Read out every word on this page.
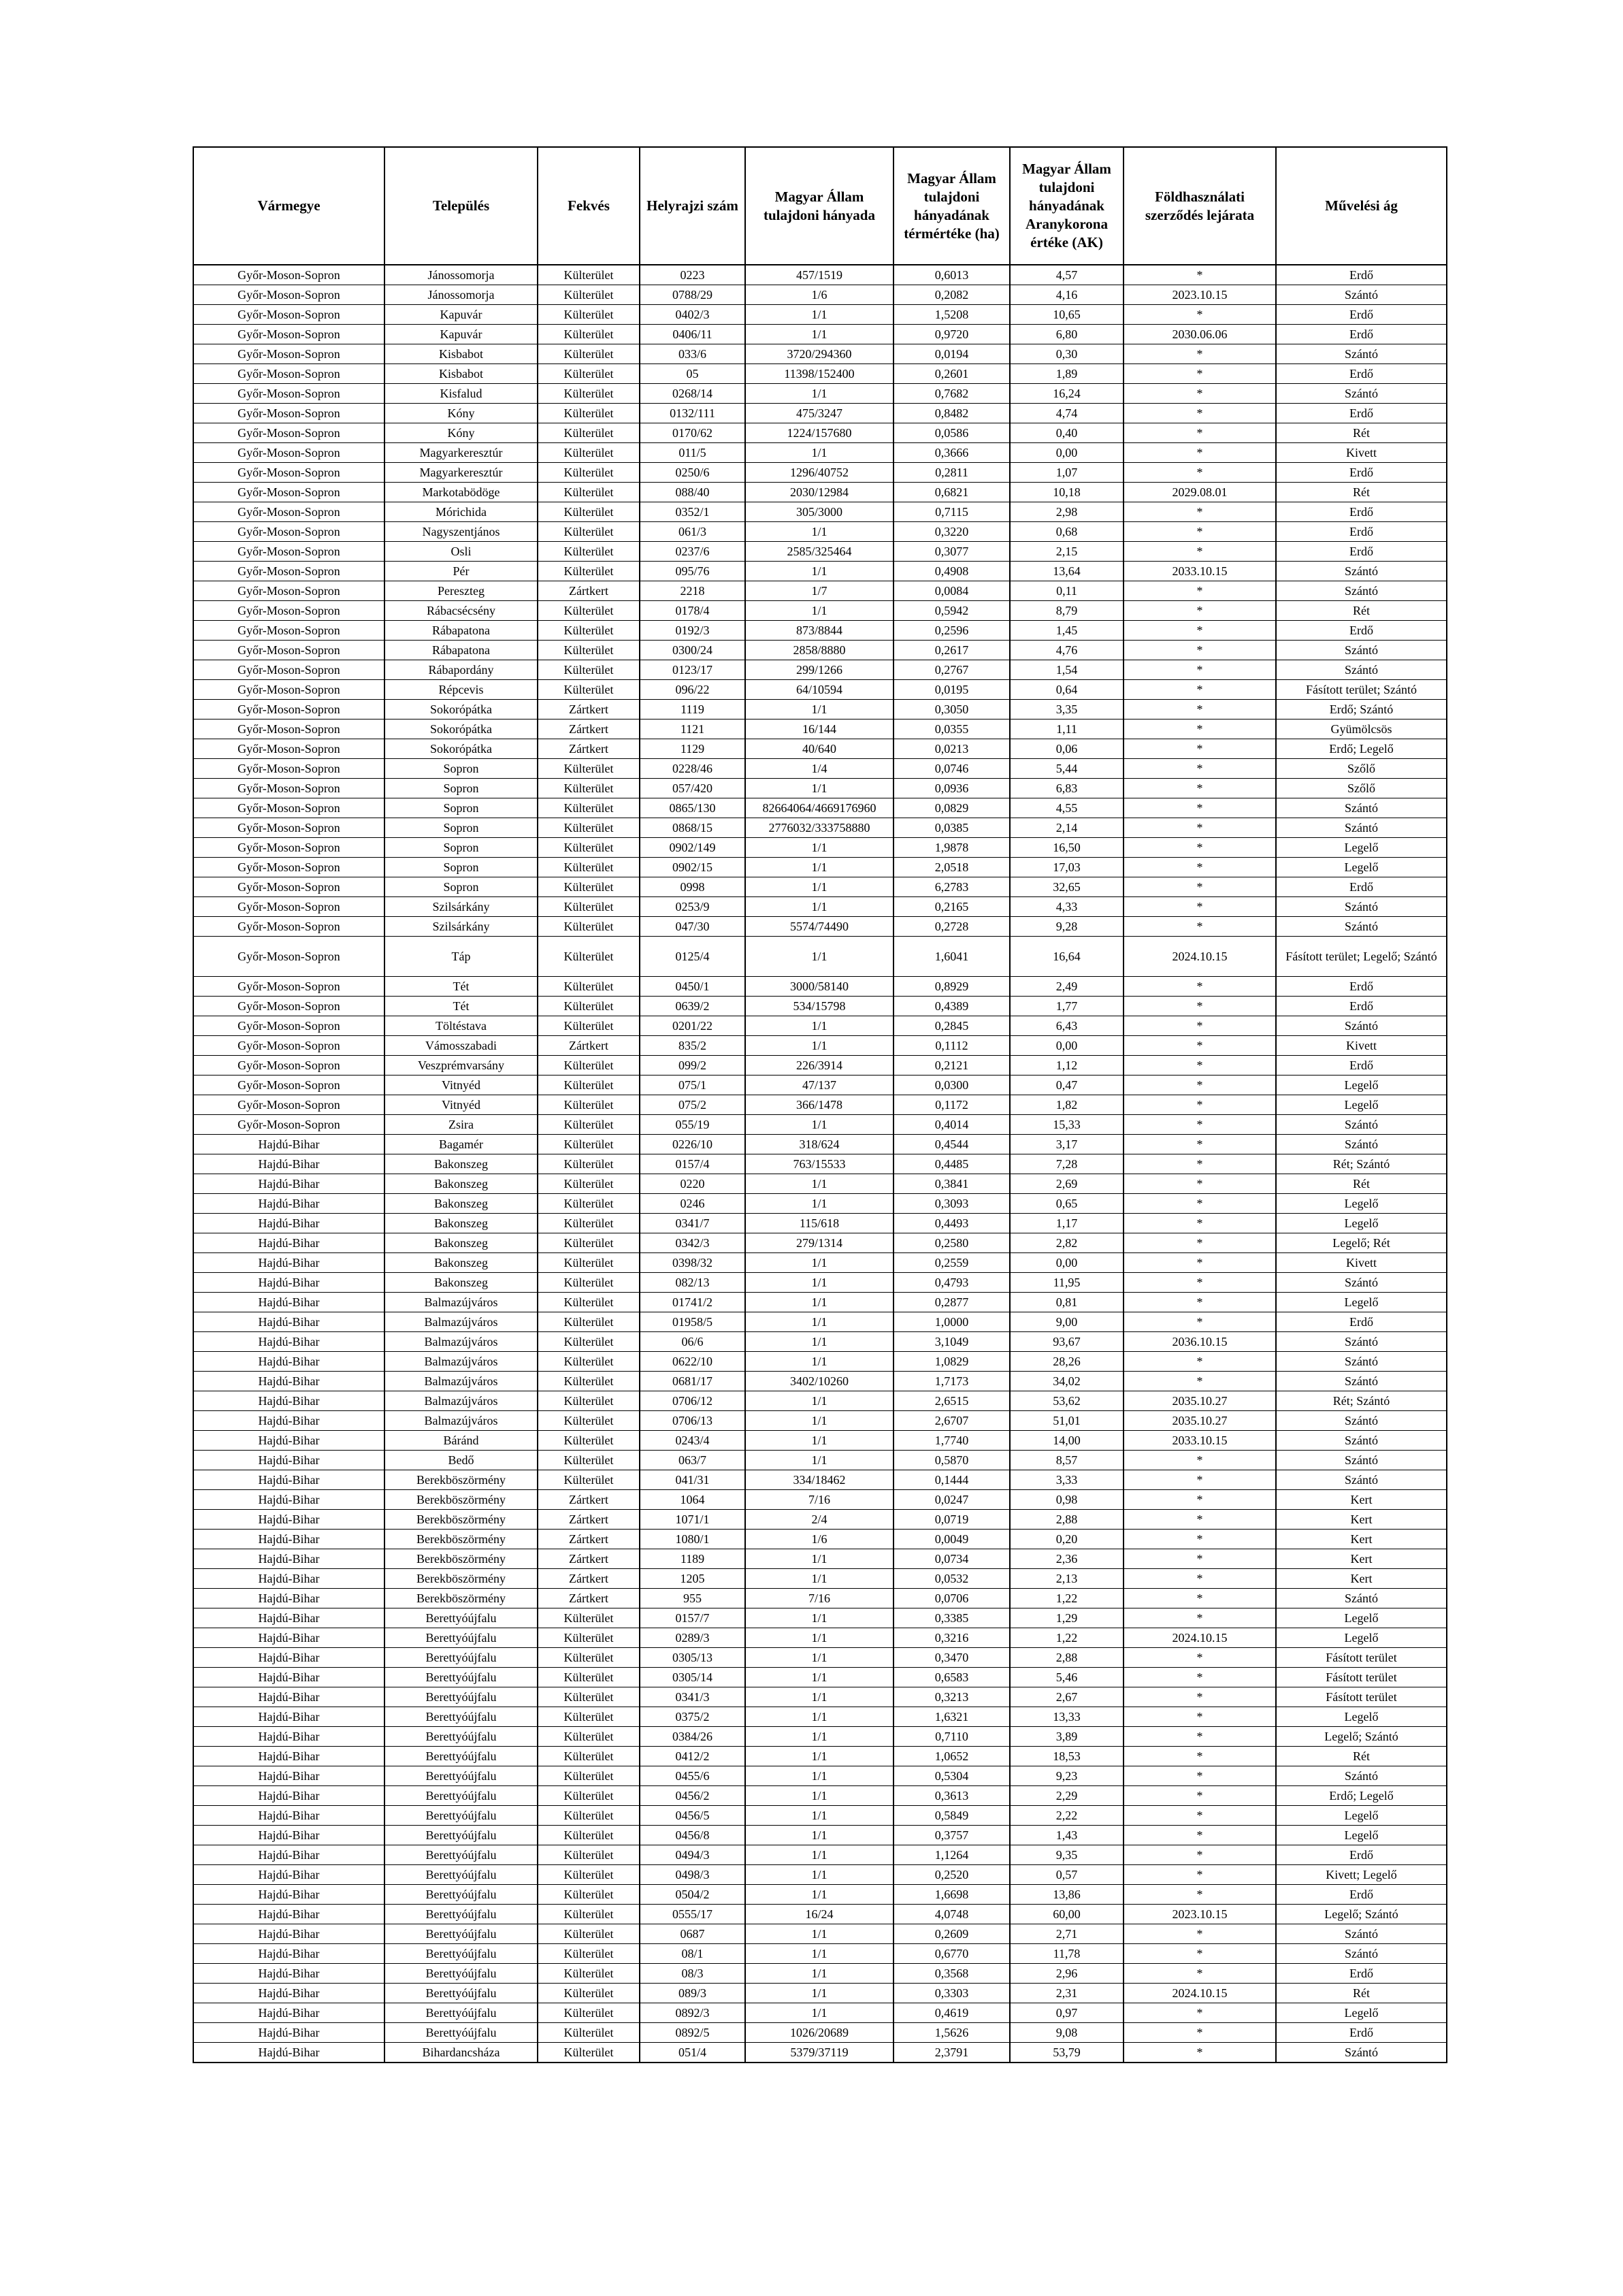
Vármegye	Település	Fekvés	Helyrajzi szám	Magyar Állam tulajdoni hányada	Magyar Állam tulajdoni hányadának térmértéke (ha)	Magyar Állam tulajdoni hányadának Aranykorona értéke (AK)	Földhasználati szerződés lejárata	Művelési ág
Győr-Moson-Sopron	Jánossomorja	Külterület	0223	457/1519	0,6013	4,57	*	Erdő
Győr-Moson-Sopron	Jánossomorja	Külterület	0788/29	1/6	0,2082	4,16	2023.10.15	Szántó
Győr-Moson-Sopron	Kapuvár	Külterület	0402/3	1/1	1,5208	10,65	*	Erdő
Győr-Moson-Sopron	Kapuvár	Külterület	0406/11	1/1	0,9720	6,80	2030.06.06	Erdő
Győr-Moson-Sopron	Kisbabot	Külterület	033/6	3720/294360	0,0194	0,30	*	Szántó
Győr-Moson-Sopron	Kisbabot	Külterület	05	11398/152400	0,2601	1,89	*	Erdő
Győr-Moson-Sopron	Kisfalud	Külterület	0268/14	1/1	0,7682	16,24	*	Szántó
Győr-Moson-Sopron	Kóny	Külterület	0132/111	475/3247	0,8482	4,74	*	Erdő
Győr-Moson-Sopron	Kóny	Külterület	0170/62	1224/157680	0,0586	0,40	*	Rét
Győr-Moson-Sopron	Magyarkeresztúr	Külterület	011/5	1/1	0,3666	0,00	*	Kivett
Győr-Moson-Sopron	Magyarkeresztúr	Külterület	0250/6	1296/40752	0,2811	1,07	*	Erdő
Győr-Moson-Sopron	Markotabödöge	Külterület	088/40	2030/12984	0,6821	10,18	2029.08.01	Rét
Győr-Moson-Sopron	Mórichida	Külterület	0352/1	305/3000	0,7115	2,98	*	Erdő
Győr-Moson-Sopron	Nagyszentjános	Külterület	061/3	1/1	0,3220	0,68	*	Erdő
Győr-Moson-Sopron	Osli	Külterület	0237/6	2585/325464	0,3077	2,15	*	Erdő
Győr-Moson-Sopron	Pér	Külterület	095/76	1/1	0,4908	13,64	2033.10.15	Szántó
Győr-Moson-Sopron	Pereszteg	Zártkert	2218	1/7	0,0084	0,11	*	Szántó
Győr-Moson-Sopron	Rábacsécsény	Külterület	0178/4	1/1	0,5942	8,79	*	Rét
Győr-Moson-Sopron	Rábapatona	Külterület	0192/3	873/8844	0,2596	1,45	*	Erdő
Győr-Moson-Sopron	Rábapatona	Külterület	0300/24	2858/8880	0,2617	4,76	*	Szántó
Győr-Moson-Sopron	Rábapordány	Külterület	0123/17	299/1266	0,2767	1,54	*	Szántó
Győr-Moson-Sopron	Répcevis	Külterület	096/22	64/10594	0,0195	0,64	*	Fásított terület; Szántó
Győr-Moson-Sopron	Sokorópátka	Zártkert	1119	1/1	0,3050	3,35	*	Erdő; Szántó
Győr-Moson-Sopron	Sokorópátka	Zártkert	1121	16/144	0,0355	1,11	*	Gyümölcsös
Győr-Moson-Sopron	Sokorópátka	Zártkert	1129	40/640	0,0213	0,06	*	Erdő; Legelő
Győr-Moson-Sopron	Sopron	Külterület	0228/46	1/4	0,0746	5,44	*	Szőlő
Győr-Moson-Sopron	Sopron	Külterület	057/420	1/1	0,0936	6,83	*	Szőlő
Győr-Moson-Sopron	Sopron	Külterület	0865/130	82664064/4669176960	0,0829	4,55	*	Szántó
Győr-Moson-Sopron	Sopron	Külterület	0868/15	2776032/333758880	0,0385	2,14	*	Szántó
Győr-Moson-Sopron	Sopron	Külterület	0902/149	1/1	1,9878	16,50	*	Legelő
Győr-Moson-Sopron	Sopron	Külterület	0902/15	1/1	2,0518	17,03	*	Legelő
Győr-Moson-Sopron	Sopron	Külterület	0998	1/1	6,2783	32,65	*	Erdő
Győr-Moson-Sopron	Szilsárkány	Külterület	0253/9	1/1	0,2165	4,33	*	Szántó
Győr-Moson-Sopron	Szilsárkány	Külterület	047/30	5574/74490	0,2728	9,28	*	Szántó
Győr-Moson-Sopron	Táp	Külterület	0125/4	1/1	1,6041	16,64	2024.10.15	Fásított terület; Legelő; Szántó
Győr-Moson-Sopron	Tét	Külterület	0450/1	3000/58140	0,8929	2,49	*	Erdő
Győr-Moson-Sopron	Tét	Külterület	0639/2	534/15798	0,4389	1,77	*	Erdő
Győr-Moson-Sopron	Töltéstava	Külterület	0201/22	1/1	0,2845	6,43	*	Szántó
Győr-Moson-Sopron	Vámosszabadi	Zártkert	835/2	1/1	0,1112	0,00	*	Kivett
Győr-Moson-Sopron	Veszprémvarsány	Külterület	099/2	226/3914	0,2121	1,12	*	Erdő
Győr-Moson-Sopron	Vitnyéd	Külterület	075/1	47/137	0,0300	0,47	*	Legelő
Győr-Moson-Sopron	Vitnyéd	Külterület	075/2	366/1478	0,1172	1,82	*	Legelő
Győr-Moson-Sopron	Zsira	Külterület	055/19	1/1	0,4014	15,33	*	Szántó
Hajdú-Bihar	Bagamér	Külterület	0226/10	318/624	0,4544	3,17	*	Szántó
Hajdú-Bihar	Bakonszeg	Külterület	0157/4	763/15533	0,4485	7,28	*	Rét; Szántó
Hajdú-Bihar	Bakonszeg	Külterület	0220	1/1	0,3841	2,69	*	Rét
Hajdú-Bihar	Bakonszeg	Külterület	0246	1/1	0,3093	0,65	*	Legelő
Hajdú-Bihar	Bakonszeg	Külterület	0341/7	115/618	0,4493	1,17	*	Legelő
Hajdú-Bihar	Bakonszeg	Külterület	0342/3	279/1314	0,2580	2,82	*	Legelő; Rét
Hajdú-Bihar	Bakonszeg	Külterület	0398/32	1/1	0,2559	0,00	*	Kivett
Hajdú-Bihar	Bakonszeg	Külterület	082/13	1/1	0,4793	11,95	*	Szántó
Hajdú-Bihar	Balmazújváros	Külterület	01741/2	1/1	0,2877	0,81	*	Legelő
Hajdú-Bihar	Balmazújváros	Külterület	01958/5	1/1	1,0000	9,00	*	Erdő
Hajdú-Bihar	Balmazújváros	Külterület	06/6	1/1	3,1049	93,67	2036.10.15	Szántó
Hajdú-Bihar	Balmazújváros	Külterület	0622/10	1/1	1,0829	28,26	*	Szántó
Hajdú-Bihar	Balmazújváros	Külterület	0681/17	3402/10260	1,7173	34,02	*	Szántó
Hajdú-Bihar	Balmazújváros	Külterület	0706/12	1/1	2,6515	53,62	2035.10.27	Rét; Szántó
Hajdú-Bihar	Balmazújváros	Külterület	0706/13	1/1	2,6707	51,01	2035.10.27	Szántó
Hajdú-Bihar	Báránd	Külterület	0243/4	1/1	1,7740	14,00	2033.10.15	Szántó
Hajdú-Bihar	Bedő	Külterület	063/7	1/1	0,5870	8,57	*	Szántó
Hajdú-Bihar	Berekböszörmény	Külterület	041/31	334/18462	0,1444	3,33	*	Szántó
Hajdú-Bihar	Berekböszörmény	Zártkert	1064	7/16	0,0247	0,98	*	Kert
Hajdú-Bihar	Berekböszörmény	Zártkert	1071/1	2/4	0,0719	2,88	*	Kert
Hajdú-Bihar	Berekböszörmény	Zártkert	1080/1	1/6	0,0049	0,20	*	Kert
Hajdú-Bihar	Berekböszörmény	Zártkert	1189	1/1	0,0734	2,36	*	Kert
Hajdú-Bihar	Berekböszörmény	Zártkert	1205	1/1	0,0532	2,13	*	Kert
Hajdú-Bihar	Berekböszörmény	Zártkert	955	7/16	0,0706	1,22	*	Szántó
Hajdú-Bihar	Berettyóújfalu	Külterület	0157/7	1/1	0,3385	1,29	*	Legelő
Hajdú-Bihar	Berettyóújfalu	Külterület	0289/3	1/1	0,3216	1,22	2024.10.15	Legelő
Hajdú-Bihar	Berettyóújfalu	Külterület	0305/13	1/1	0,3470	2,88	*	Fásított terület
Hajdú-Bihar	Berettyóújfalu	Külterület	0305/14	1/1	0,6583	5,46	*	Fásított terület
Hajdú-Bihar	Berettyóújfalu	Külterület	0341/3	1/1	0,3213	2,67	*	Fásított terület
Hajdú-Bihar	Berettyóújfalu	Külterület	0375/2	1/1	1,6321	13,33	*	Legelő
Hajdú-Bihar	Berettyóújfalu	Külterület	0384/26	1/1	0,7110	3,89	*	Legelő; Szántó
Hajdú-Bihar	Berettyóújfalu	Külterület	0412/2	1/1	1,0652	18,53	*	Rét
Hajdú-Bihar	Berettyóújfalu	Külterület	0455/6	1/1	0,5304	9,23	*	Szántó
Hajdú-Bihar	Berettyóújfalu	Külterület	0456/2	1/1	0,3613	2,29	*	Erdő; Legelő
Hajdú-Bihar	Berettyóújfalu	Külterület	0456/5	1/1	0,5849	2,22	*	Legelő
Hajdú-Bihar	Berettyóújfalu	Külterület	0456/8	1/1	0,3757	1,43	*	Legelő
Hajdú-Bihar	Berettyóújfalu	Külterület	0494/3	1/1	1,1264	9,35	*	Erdő
Hajdú-Bihar	Berettyóújfalu	Külterület	0498/3	1/1	0,2520	0,57	*	Kivett; Legelő
Hajdú-Bihar	Berettyóújfalu	Külterület	0504/2	1/1	1,6698	13,86	*	Erdő
Hajdú-Bihar	Berettyóújfalu	Külterület	0555/17	16/24	4,0748	60,00	2023.10.15	Legelő; Szántó
Hajdú-Bihar	Berettyóújfalu	Külterület	0687	1/1	0,2609	2,71	*	Szántó
Hajdú-Bihar	Berettyóújfalu	Külterület	08/1	1/1	0,6770	11,78	*	Szántó
Hajdú-Bihar	Berettyóújfalu	Külterület	08/3	1/1	0,3568	2,96	*	Erdő
Hajdú-Bihar	Berettyóújfalu	Külterület	089/3	1/1	0,3303	2,31	2024.10.15	Rét
Hajdú-Bihar	Berettyóújfalu	Külterület	0892/3	1/1	0,4619	0,97	*	Legelő
Hajdú-Bihar	Berettyóújfalu	Külterület	0892/5	1026/20689	1,5626	9,08	*	Erdő
Hajdú-Bihar	Bihardancsháza	Külterület	051/4	5379/37119	2,3791	53,79	*	Szántó
